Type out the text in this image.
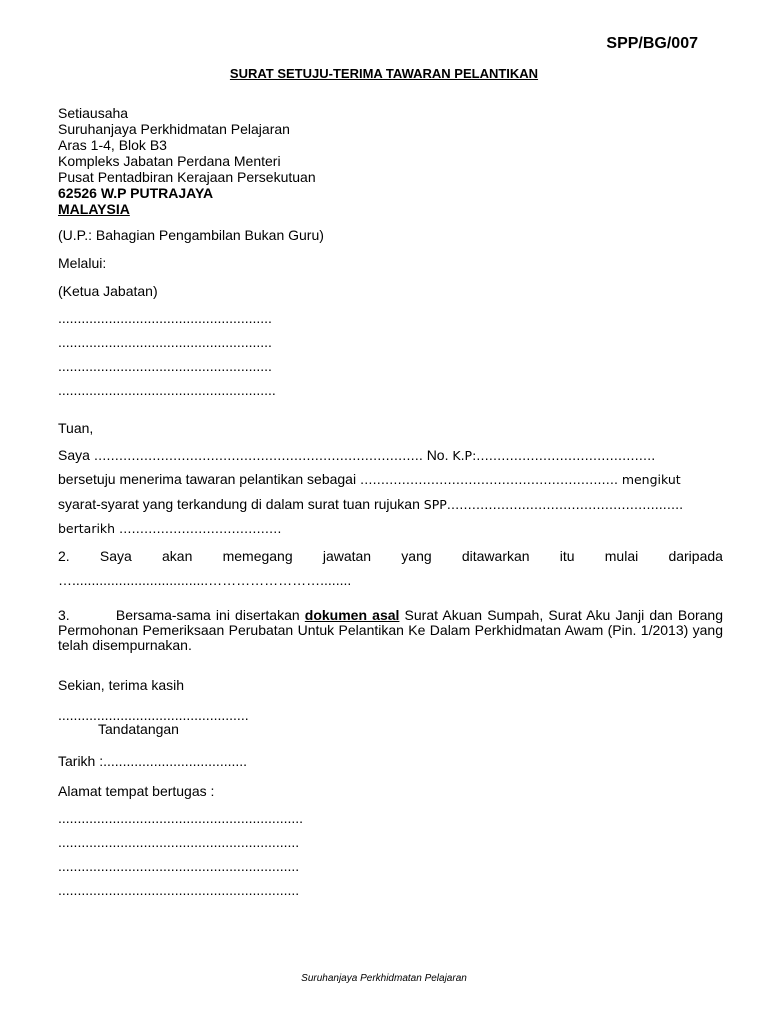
SPP/BG/007
SURAT SETUJU-TERIMA TAWARAN PELANTIKAN
Setiausaha
Suruhanjaya Perkhidmatan Pelajaran
Aras 1-4, Blok B3
Kompleks Jabatan Perdana Menteri
Pusat Pentadbiran Kerajaan Persekutuan
62526 W.P PUTRAJAYA
MALAYSIA
(U.P.: Bahagian Pengambilan Bukan Guru)
Melalui:
(Ketua Jabatan)
.......................................................
.......................................................
.......................................................
........................................................
Tuan,
Saya ……………………………………………………………………. No. K.P:…………………………………….
bersetuju menerima tawaran pelantikan sebagai ………………………………………………….…. mengikut
syarat-syarat yang terkandung di dalam surat tuan rujukan SPP………………..…………………………..…..
bertarikh …………………………………
2. Saya akan memegang jawatan yang ditawarkan itu mulai daripada
…...................................……………………........
3.	Bersama-sama ini disertakan dokumen asal Surat Akuan Sumpah, Surat Aku Janji dan Borang Permohonan Pemeriksaan Perubatan Untuk Pelantikan Ke Dalam Perkhidmatan Awam (Pin. 1/2013) yang telah disempurnakan.
Sekian, terima kasih
.................................................
Tandatangan
Tarikh :.....................................
Alamat tempat bertugas :
...............................................................
..............................................................
..............................................................
..............................................................
Suruhanjaya Perkhidmatan Pelajaran
